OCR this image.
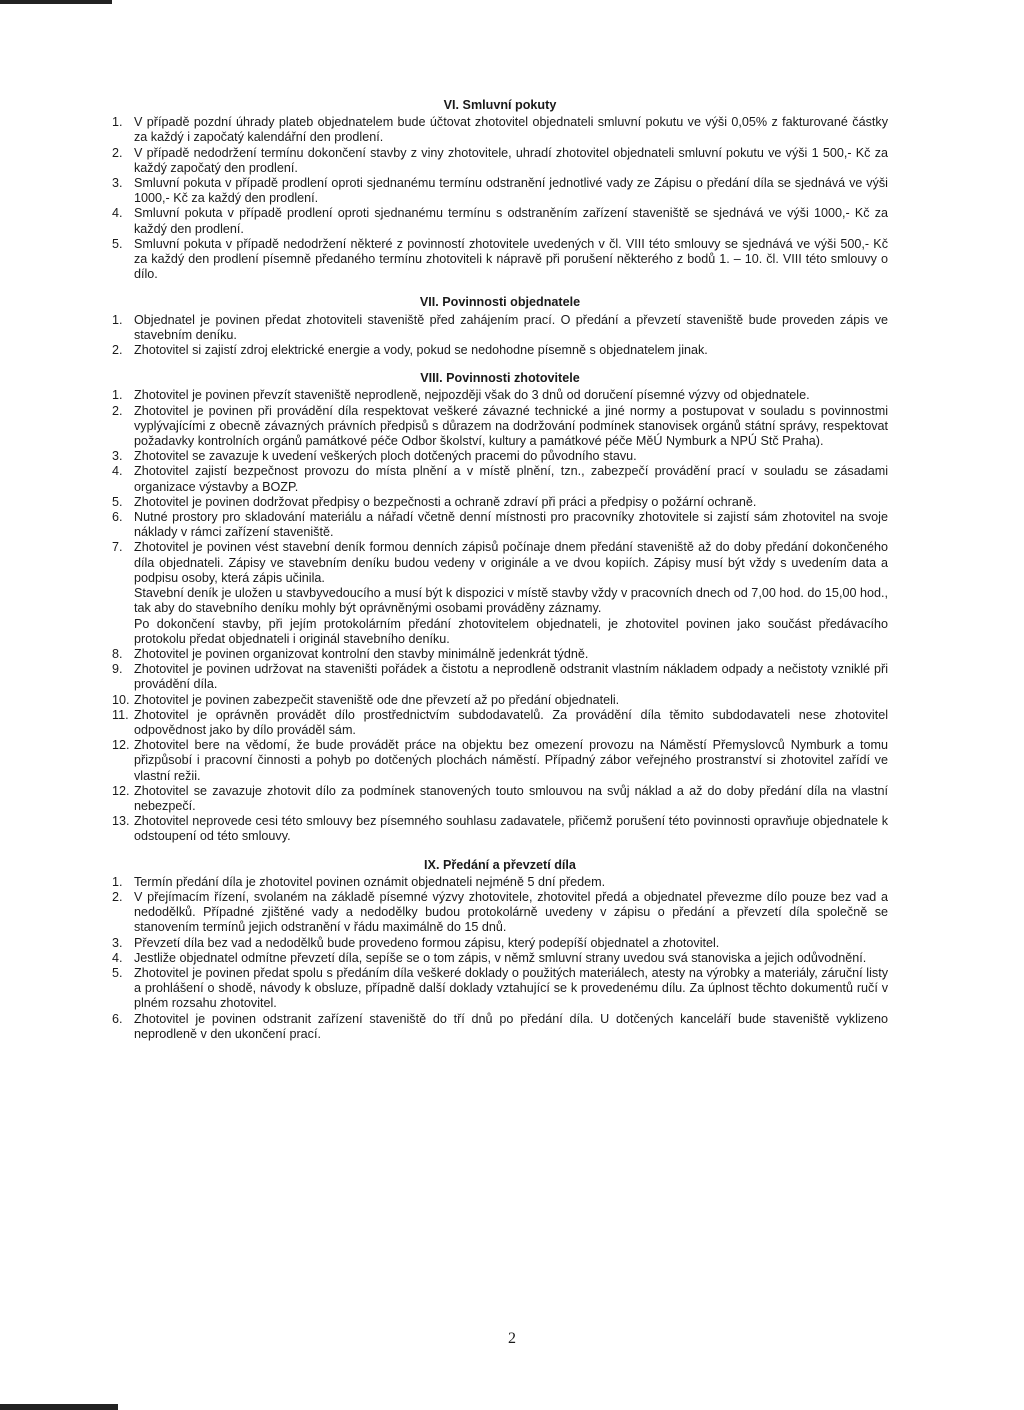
VI. Smluvní pokuty
1. V případě pozdní úhrady plateb objednatelem bude účtovat zhotovitel objednateli smluvní pokutu ve výši 0,05% z fakturované částky za každý i započatý kalendářní den prodlení.
2. V případě nedodržení termínu dokončení stavby z viny zhotovitele, uhradí zhotovitel objednateli smluvní pokutu ve výši 1 500,- Kč za každý započatý den prodlení.
3. Smluvní pokuta v případě prodlení oproti sjednanému termínu odstranění jednotlivé vady ze Zápisu o předání díla se sjednává ve výši 1000,- Kč za každý den prodlení.
4. Smluvní pokuta v případě prodlení oproti sjednanému termínu s odstraněním zařízení staveniště se sjednává ve výši 1000,- Kč za každý den prodlení.
5. Smluvní pokuta v případě nedodržení některé z povinností zhotovitele uvedených v čl. VIII této smlouvy se sjednává ve výši 500,- Kč za každý den prodlení písemně předaného termínu zhotoviteli k nápravě při porušení některého z bodů 1. – 10. čl. VIII této smlouvy o dílo.
VII. Povinnosti objednatele
1. Objednatel je povinen předat zhotoviteli staveniště před zahájením prací. O předání a převzetí staveniště bude proveden zápis ve stavebním deníku.
2. Zhotovitel si zajistí zdroj elektrické energie a vody, pokud se nedohodne písemně s objednatelem jinak.
VIII. Povinnosti zhotovitele
1. Zhotovitel je povinen převzít staveniště neprodleně, nejpozději však do 3 dnů od doručení písemné výzvy od objednatele.
2. Zhotovitel je povinen při provádění díla respektovat veškeré závazné technické a jiné normy a postupovat v souladu s povinnostmi vyplývajícími z obecně závazných právních předpisů s důrazem na dodržování podmínek stanovisek orgánů státní správy, respektovat požadavky kontrolních orgánů památkové péče Odbor školství, kultury a památkové péče MěÚ Nymburk a NPÚ Stč Praha).
3. Zhotovitel se zavazuje k uvedení veškerých ploch dotčených pracemi do původního stavu.
4. Zhotovitel zajistí bezpečnost provozu do místa plnění a v místě plnění, tzn., zabezpečí provádění prací v souladu se zásadami organizace výstavby a BOZP.
5. Zhotovitel je povinen dodržovat předpisy o bezpečnosti a ochraně zdraví při práci a předpisy o požární ochraně.
6. Nutné prostory pro skladování materiálu a nářadí včetně denní místnosti pro pracovníky zhotovitele si zajistí sám zhotovitel na svoje náklady v rámci zařízení staveniště.
7. Zhotovitel je povinen vést stavební deník formou denních zápisů počínaje dnem předání staveniště až do doby předání dokončeného díla objednateli. Zápisy ve stavebním deníku budou vedeny v originále a ve dvou kopiích. Zápisy musí být vždy s uvedením data a podpisu osoby, která zápis učinila.
Stavební deník je uložen u stavbyvedoucího a musí být k dispozici v místě stavby vždy v pracovních dnech od 7,00 hod. do 15,00 hod., tak aby do stavebního deníku mohly být oprávněnými osobami prováděny záznamy.
Po dokončení stavby, při jejím protokolárním předání zhotovitelem objednateli, je zhotovitel povinen jako součást předávacího protokolu předat objednateli i originál stavebního deníku.
8. Zhotovitel je povinen organizovat kontrolní den stavby minimálně jedenkrát týdně.
9. Zhotovitel je povinen udržovat na staveništi pořádek a čistotu a neprodleně odstranit vlastním nákladem odpady a nečistoty vzniklé při provádění díla.
10. Zhotovitel je povinen zabezpečit staveniště ode dne převzetí až po předání objednateli.
11. Zhotovitel je oprávněn provádět dílo prostřednictvím subdodavatelů. Za provádění díla těmito subdodavateli nese zhotovitel odpovědnost jako by dílo prováděl sám.
12. Zhotovitel bere na vědomí, že bude provádět práce na objektu bez omezení provozu na Náměstí Přemyslovců Nymburk a tomu přizpůsobí i pracovní činnosti a pohyb po dotčených plochách náměstí. Případný zábor veřejného prostranství si zhotovitel zařídí ve vlastní režii.
12. Zhotovitel se zavazuje zhotovit dílo za podmínek stanovených touto smlouvou na svůj náklad a až do doby předání díla na vlastní nebezpečí.
13. Zhotovitel neprovede cesi této smlouvy bez písemného souhlasu zadavatele, přičemž porušení této povinnosti opravňuje objednatele k odstoupení od této smlouvy.
IX. Předání a převzetí díla
1. Termín předání díla je zhotovitel povinen oznámit objednateli nejméně 5 dní předem.
2. V přejímacím řízení, svolaném na základě písemné výzvy zhotovitele, zhotovitel předá a objednatel převezme dílo pouze bez vad a nedodělků. Případné zjištěné vady a nedodělky budou protokolárně uvedeny v zápisu o předání a převzetí díla společně se stanovením termínů jejich odstranění v řádu maximálně do 15 dnů.
3. Převzetí díla bez vad a nedodělků bude provedeno formou zápisu, který podepíší objednatel a zhotovitel.
4. Jestliže objednatel odmítne převzetí díla, sepíše se o tom zápis, v němž smluvní strany uvedou svá stanoviska a jejich odůvodnění.
5. Zhotovitel je povinen předat spolu s předáním díla veškeré doklady o použitých materiálech, atesty na výrobky a materiály, záruční listy a prohlášení o shodě, návody k obsluze, případně další doklady vztahující se k provedenému dílu. Za úplnost těchto dokumentů ručí v plném rozsahu zhotovitel.
6. Zhotovitel je povinen odstranit zařízení staveniště do tří dnů po předání díla. U dotčených kanceláří bude staveniště vyklizeno neprodleně v den ukončení prací.
2
